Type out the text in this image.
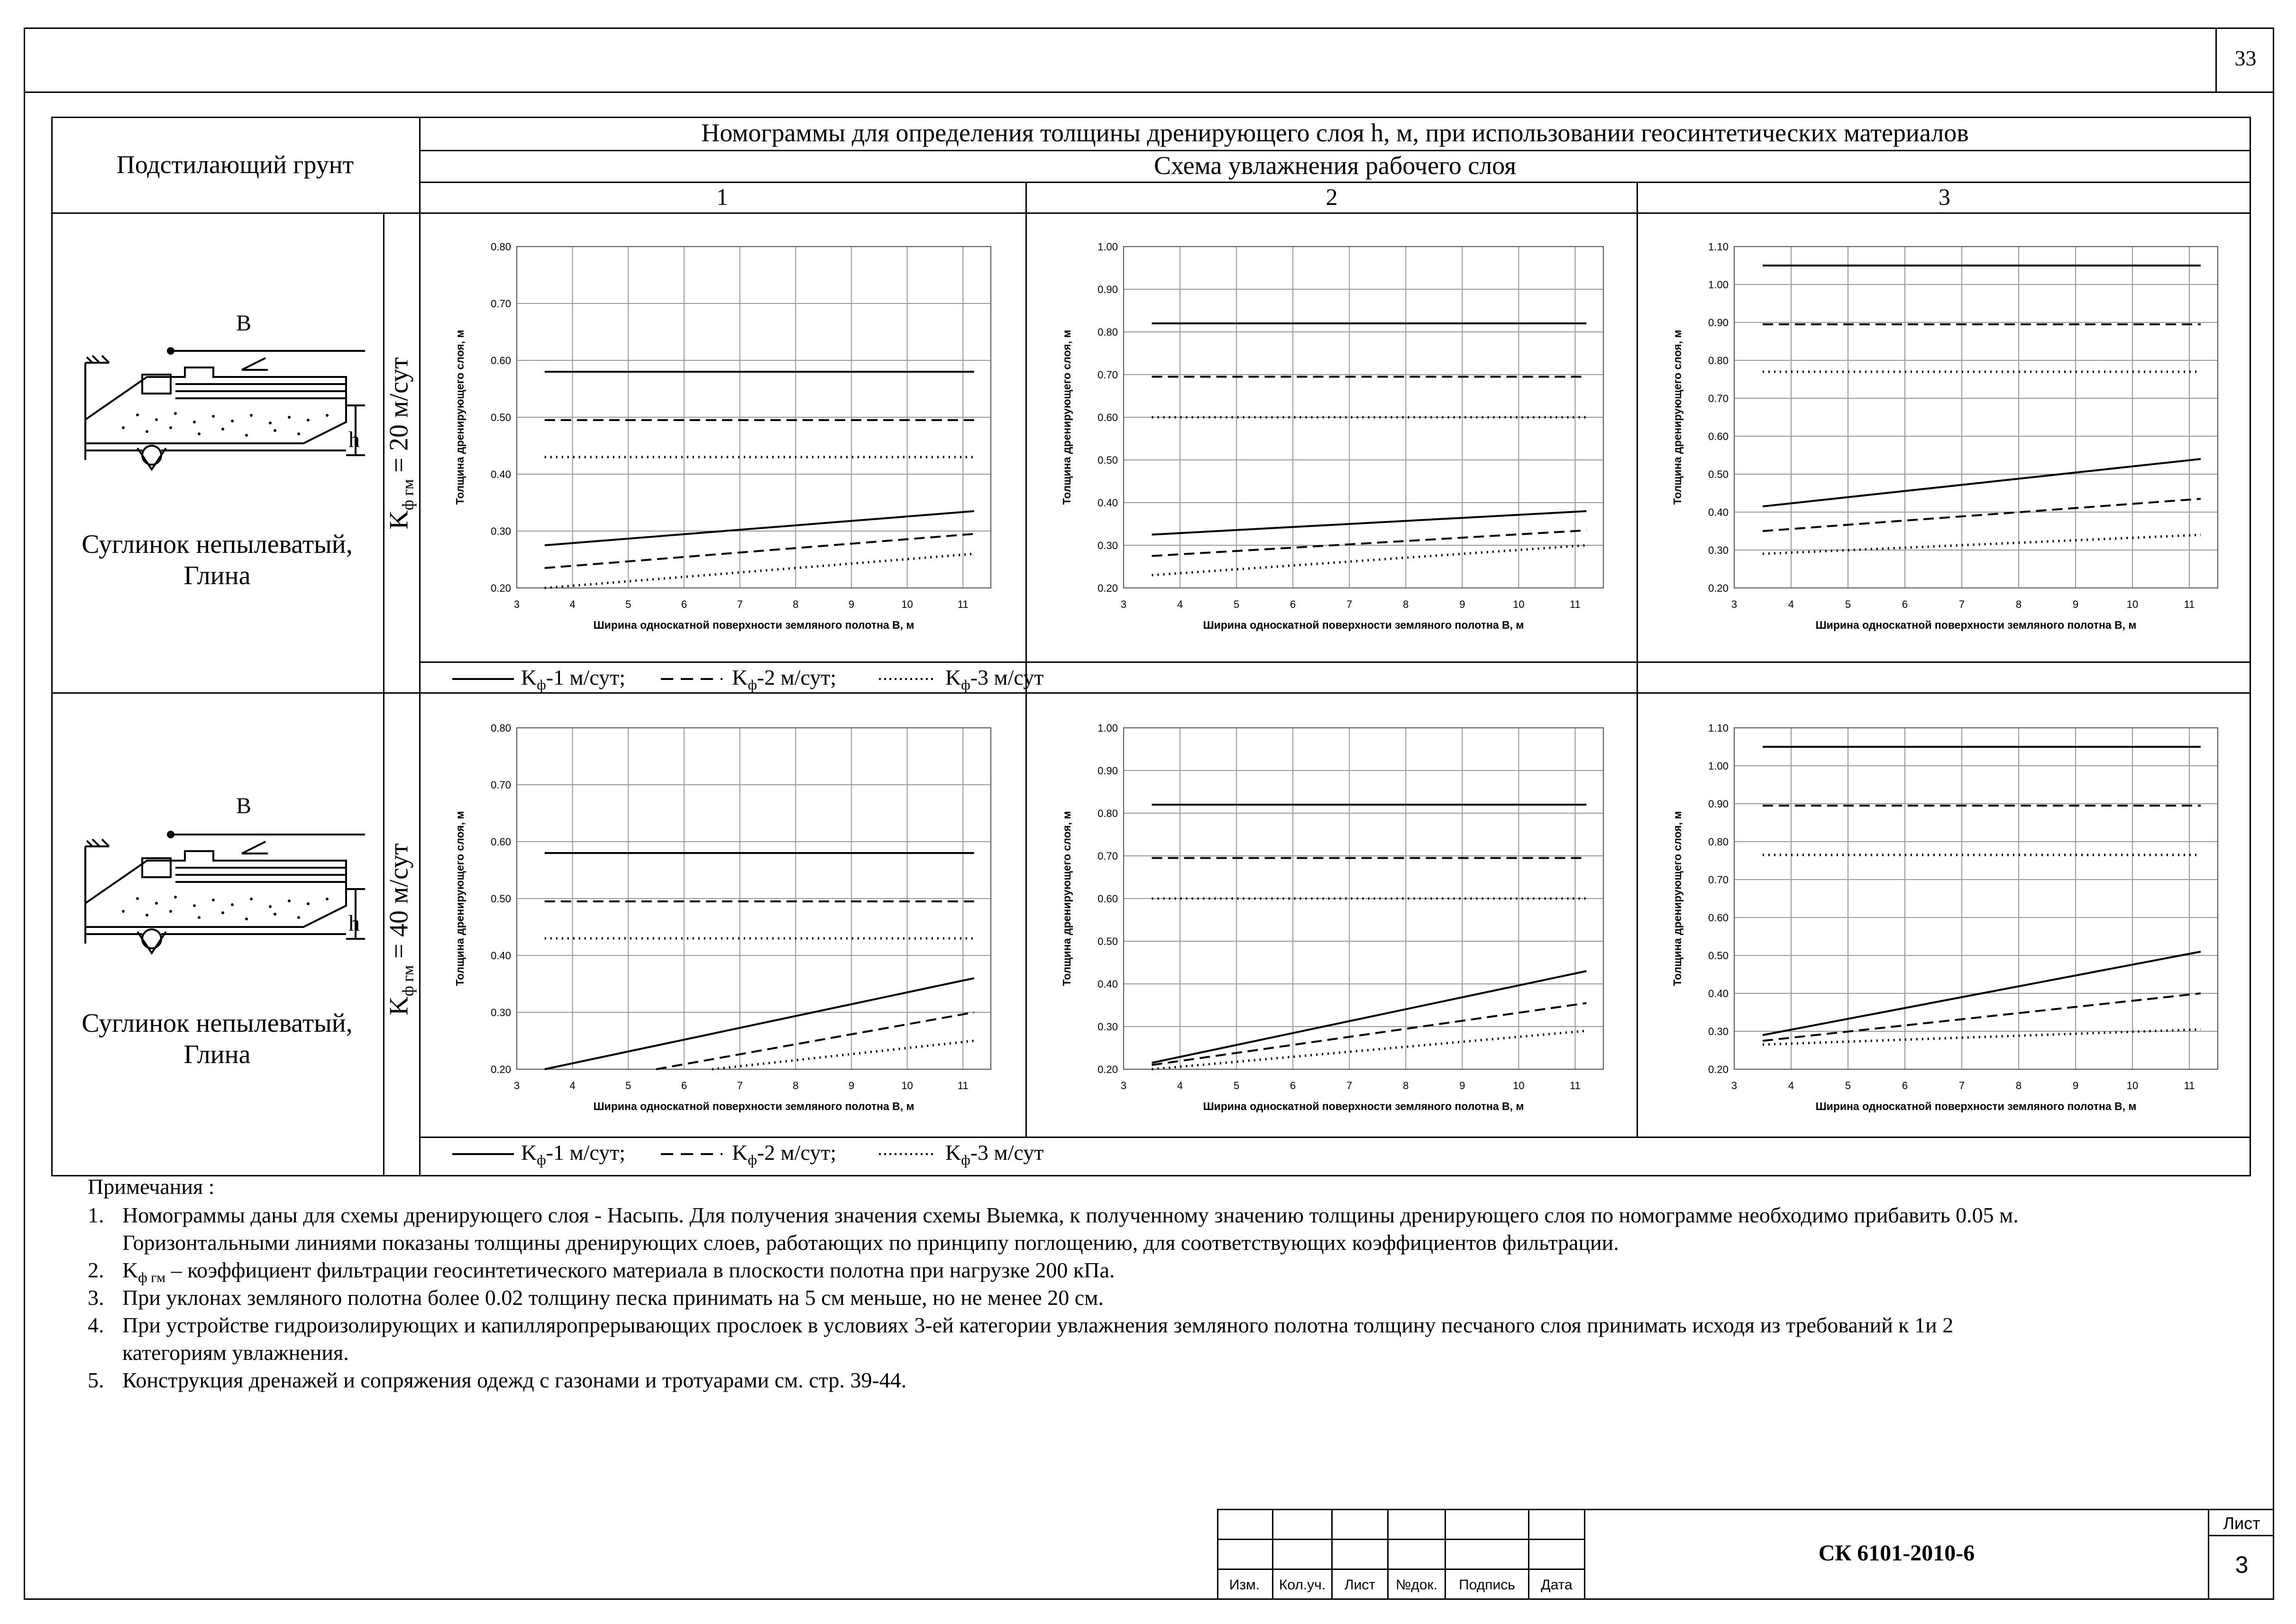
33
Подстилающий грунт
Номограммы для определения толщины дренирующего слоя h, м, при использовании геосинтетических материалов
Схема увлажнения рабочего слоя
1	2	3
B
h
Суглинок непылеватый,
Глина
$K_{ф гм} = 20$ м/сут
B
h
Суглинок непылеватый,
Глина
$K_{ф гм} = 40$ м/сут
0.20
0.30
0.40
0.50
0.60
0.70
0.80
3	4	5	6	7	8	9	10	11
Ширина односкатной поверхности земляного полотна B, м
Толщина дренирующего слоя, м
0.20
0.30
0.40
0.50
0.60
0.70
0.80
0.90
1.00
3	4	5	6	7	8	9	10	11
Ширина односкатной поверхности земляного полотна B, м
Толщина дренирующего слоя, м
0.20
0.30
0.40
0.50
0.60
0.70
0.80
0.90
1.00
1.10
3	4	5	6	7	8	9	10	11
Ширина односкатной поверхности земляного полотна B, м
Толщина дренирующего слоя, м
0.20
0.30
0.40
0.50
0.60
0.70
0.80
3	4	5	6	7	8	9	10	11
Ширина односкатной поверхности земляного полотна B, м
Толщина дренирующего слоя, м
0.20
0.30
0.40
0.50
0.60
0.70
0.80
0.90
1.00
3	4	5	6	7	8	9	10	11
Ширина односкатной поверхности земляного полотна B, м
Толщина дренирующего слоя, м
0.20
0.30
0.40
0.50
0.60
0.70
0.80
0.90
1.00
1.10
3	4	5	6	7	8	9	10	11
Ширина односкатной поверхности земляного полотна B, м
Толщина дренирующего слоя, м
$K_ф-1$ м/сут;	$K_ф-2$ м/сут;	$K_ф-3$ м/сут
$K_ф-1$ м/сут;	$K_ф-2$ м/сут;	$K_ф-3$ м/сут
Примечания :
1. Номограммы даны для схемы дренирующего слоя - Насыпь. Для получения значения схемы Выемка, к полученному значению толщины дренирующего слоя по номограмме необходимо прибавить 0.05 м.
Горизонтальными линиями показаны толщины дренирующих слоев, работающих по принципу поглощению, для соответствующих коэффициентов фильтрации.
2. $K_{ф гм}$ – коэффициент фильтрации геосинтетического материала в плоскости полотна при нагрузке 200 кПа.
3. При уклонах земляного полотна более 0.02 толщину песка принимать на 5 см меньше, но не менее 20 см.
4. При устройстве гидроизолирующих и капилляропрерывающих прослоек в условиях 3-ей категории увлажнения земляного полотна толщину песчаного слоя принимать исходя из требований к 1и 2
категориям увлажнения.
5. Конструкция дренажей и сопряжения одежд с газонами и тротуарами см. стр. 39-44.
Изм.	Кол.уч.	Лист	№док.	Подпись	Дата
СК 6101-2010-6
Лист
3
